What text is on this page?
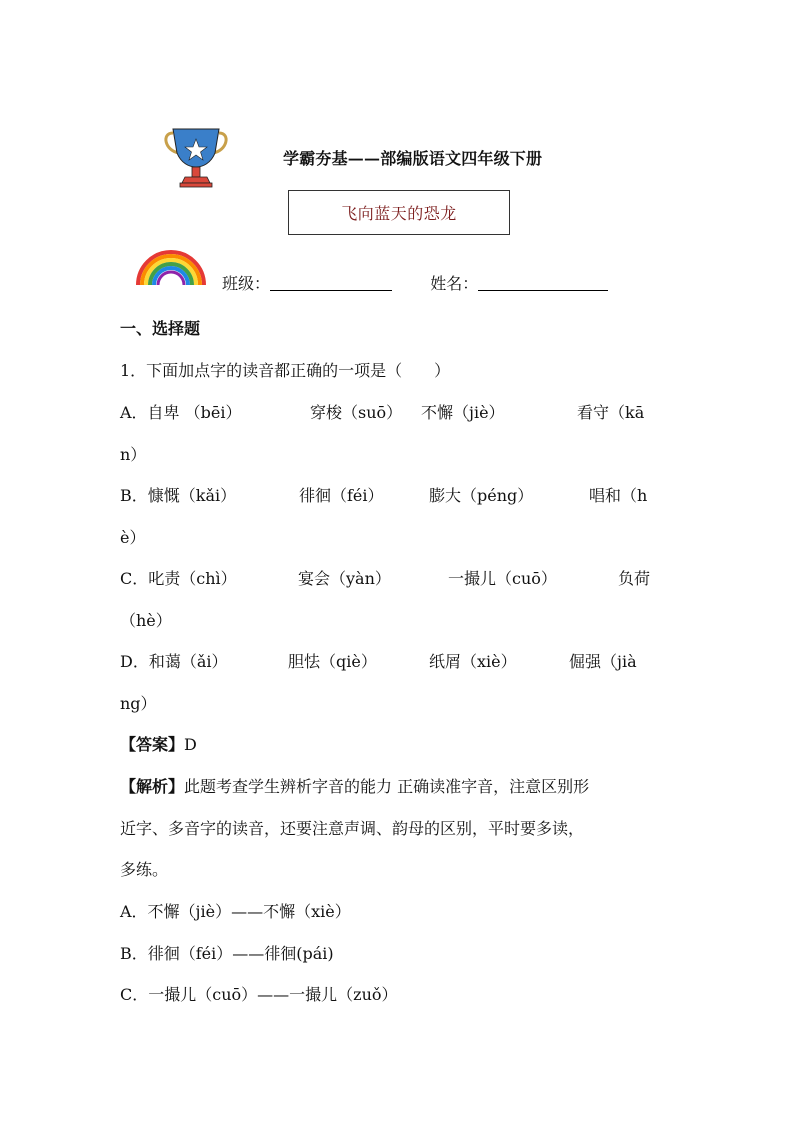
学霸夯基——部编版语文四年级下册
飞向蓝天的恐龙
班级：	姓名：
一、选择题
1．下面加点字的读音都正确的一项是（　　）
A．自卑 （bēi）	穿梭（suō） 不懈（jiè）	看守（kā
n）
B．慷慨（kǎi）	徘徊（féi）	膨大（péng）	唱和（h
è）
C．叱责（chì）	宴会（yàn）	一撮儿（cuō）	负荷
（hè）
D．和蔼（ǎi）	胆怯（qiè）	纸屑（xiè）	倔强（jià
ng）
【答案】D
【解析】此题考查学生辨析字音的能力 正确读准字音，注意区别形
近字、多音字的读音，还要注意声调、韵母的区别，平时要多读，
多练。
A．不懈（jiè）——不懈（xiè）
B．徘徊（féi）——徘徊(pái)
C．一撮儿（cuō）——一撮儿（zuǒ）
